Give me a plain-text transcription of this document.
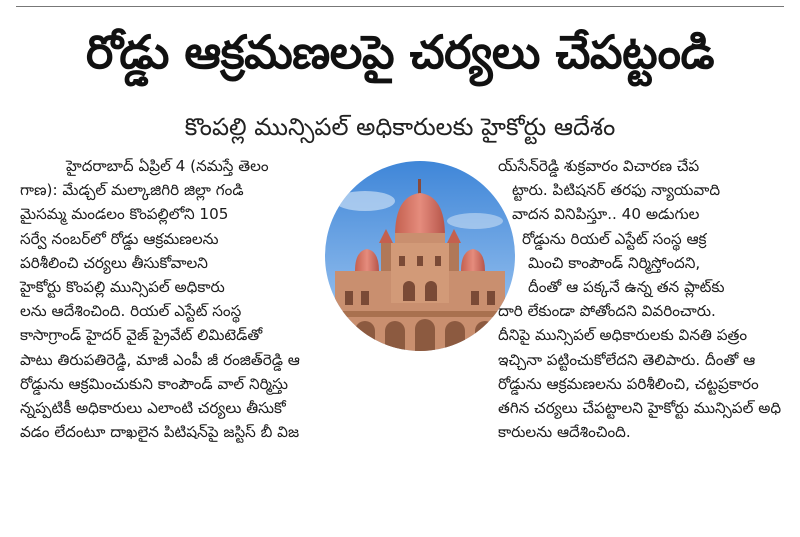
రోడ్డు ఆక్రమణలపై చర్యలు చేపట్టండి
కొంపల్లి మున్సిపల్ అధికారులకు హైకోర్టు ఆదేశం
హైదరాబాద్ ఏప్రిల్ 4 (నమస్తే తెలం
గాణ): మేడ్చల్ మల్కాజిగిరి జిల్లా గండి
మైసమ్మ మండలం కొంపల్లిలోని 105
సర్వే నంబర్‌లో రోడ్డు ఆక్రమణలను
పరిశీలించి చర్యలు తీసుకోవాలని
హైకోర్టు కొంపల్లి మున్సిపల్ అధికారు
లను ఆదేశించింది. రియల్ ఎస్టేట్ సంస్థ
కాసాగ్రాండ్ హైదర్ వైజ్ ప్రైవేట్ లిమిటెడ్‌తో
పాటు తిరుపతిరెడ్డి, మాజీ ఎంపీ జీ రంజిత్‌రెడ్డి ఆ
రోడ్డును ఆక్రమించుకుని కాంపౌండ్ వాల్ నిర్మిస్తు
న్నప్పటికీ అధికారులు ఎలాంటి చర్యలు తీసుకో
వడం లేదంటూ దాఖలైన పిటిషన్‌పై జస్టిస్ బీ విజ
య్‌సేన్‌రెడ్డి శుక్రవారం విచారణ చేప
ట్టారు. పిటిషనర్ తరఫు న్యాయవాది
వాదన వినిపిస్తూ.. 40 అడుగుల
రోడ్డును రియల్ ఎస్టేట్ సంస్థ ఆక్ర
మించి కాంపౌండ్ నిర్మిస్తోందని,
దీంతో ఆ పక్కనే ఉన్న తన ప్లాట్‌కు
దారి లేకుండా పోతోందని వివరించారు.
దీనిపై మున్సిపల్ అధికారులకు వినతి పత్రం
ఇచ్చినా పట్టించుకోలేదని తెలిపారు. దీంతో ఆ
రోడ్డును ఆక్రమణలను పరిశీలించి, చట్టప్రకారం
తగిన చర్యలు చేపట్టాలని హైకోర్టు మున్సిపల్ అధి
కారులను ఆదేశించింది.
